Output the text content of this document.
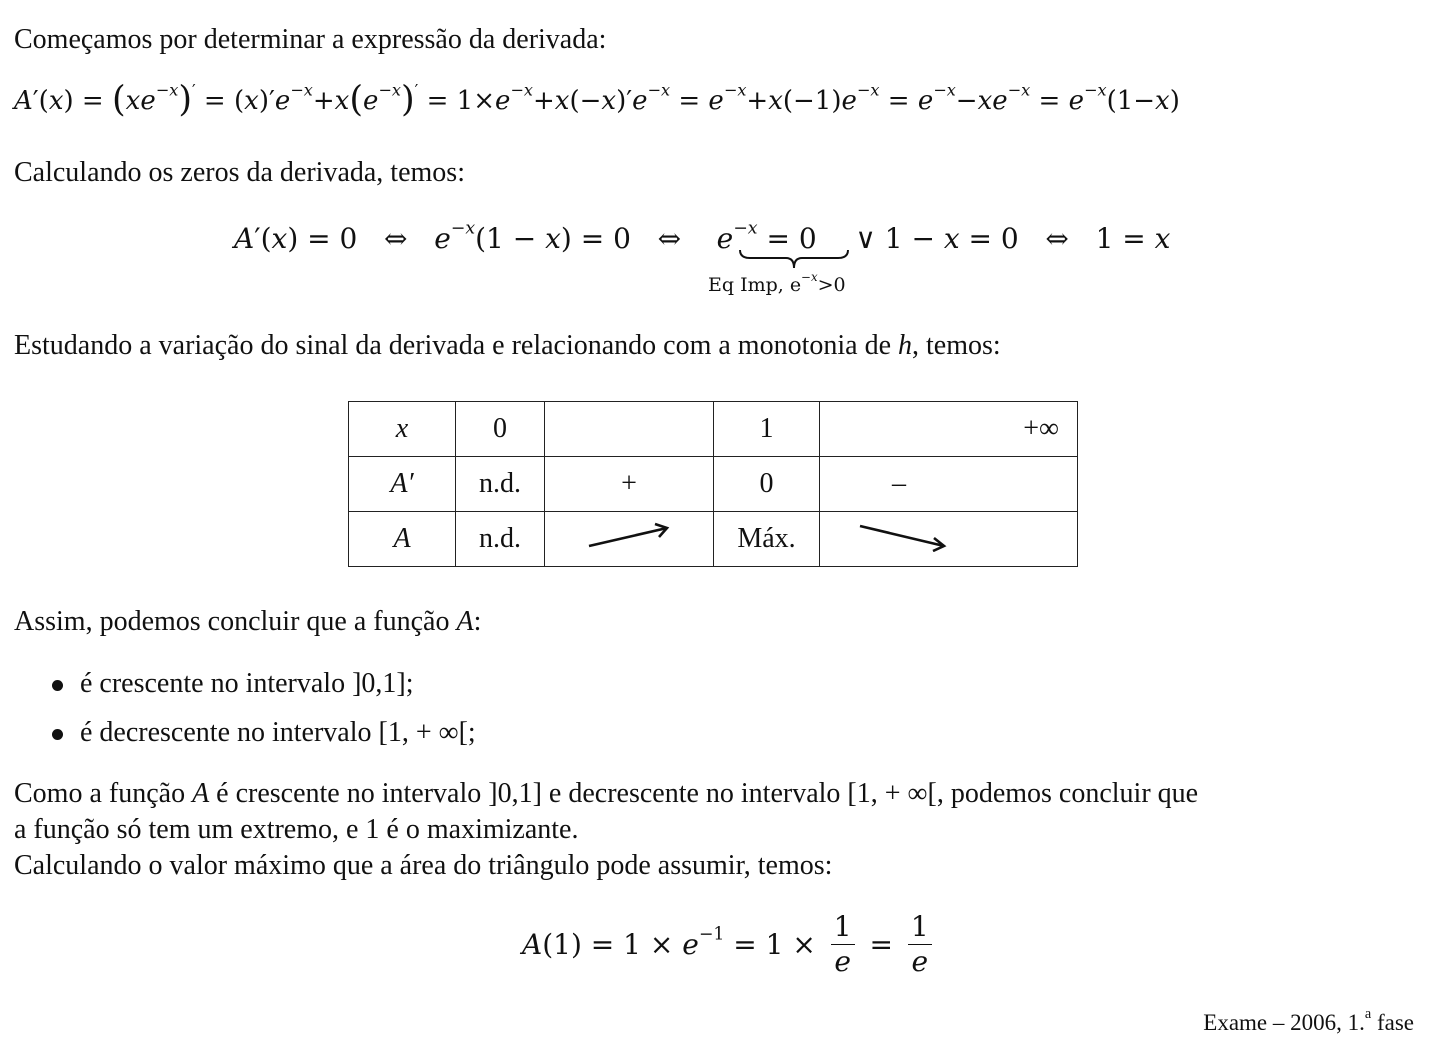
Começamos por determinar a expressão da derivada:

$A'(x) = (xe^{-x})' = (x)'e^{-x}+x(e^{-x})' = 1\times e^{-x}+x(-x)'e^{-x} = e^{-x}+x(-1)e^{-x} = e^{-x}-xe^{-x} = e^{-x}(1-x)$

Calculando os zeros da derivada, temos:

A′(x) = 0   ⇔   $e^{-x}(1 - x) = 0$   ⇔    $e^{-x} = 0$   ∨ 1 − x = 0   ⇔   1 = x
Eq Imp, $e^{-x}>0$

Estudando a variação do sinal da derivada e relacionando com a monotonia de h, temos:

x	0		1	+∞
A′	n.d.	+	0	–
A	n.d.		Máx.	

Assim, podemos concluir que a função A:

é crescente no intervalo ]0,1];
é decrescente no intervalo [1, + ∞[;

Como a função A é crescente no intervalo ]0,1] e decrescente no intervalo [1, + ∞[, podemos concluir que

a função só tem um extremo, e 1 é o maximizante.

Calculando o valor máximo que a área do triângulo pode assumir, temos:

$A(1) = 1 \times e^{-1} = 1 \times \frac{1}{e} = \frac{1}{e}$
Exame – 2006, 1.$^a$ fase
